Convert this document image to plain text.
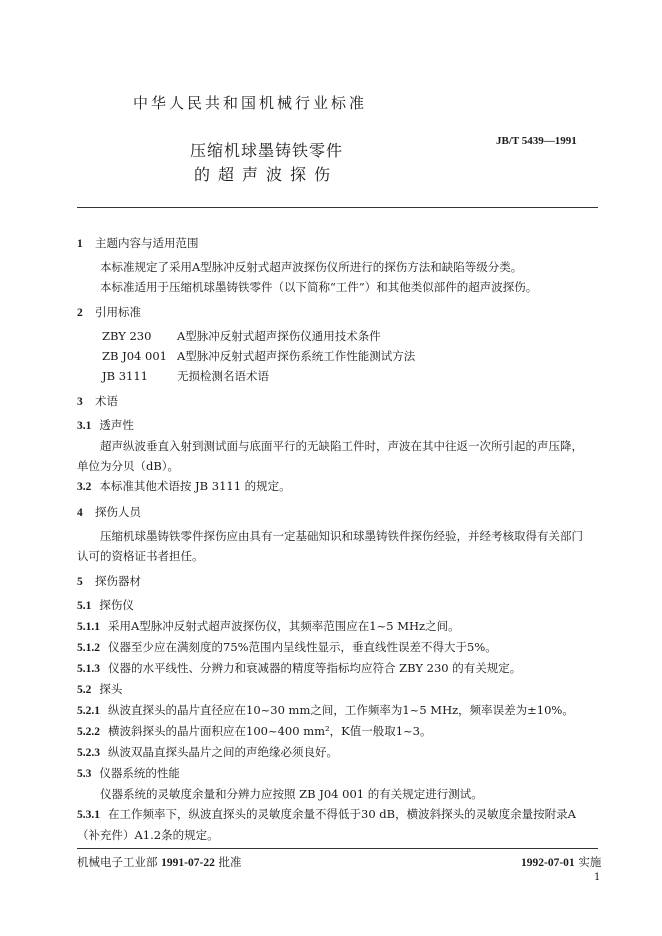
中华人民共和国机械行业标准
JB/T 5439—1991
压缩机球墨铸铁零件
的超声波探伤
1 主题内容与适用范围

本标准规定了采用A型脉冲反射式超声波探伤仪所进行的探伤方法和缺陷等级分类。

本标准适用于压缩机球墨铸铁零件（以下简称“工件”）和其他类似部件的超声波探伤。

2 引用标准
ZBY 230 A型脉冲反射式超声探伤仪通用技术条件
ZB J04 001 A型脉冲反射式超声探伤系统工作性能测试方法
JB 3111	无损检测名语术语
3 术语

3.1 透声性

超声纵波垂直入射到测试面与底面平行的无缺陷工件时，声波在其中往返一次所引起的声压降，

单位为分贝（dB）。

3.2 本标准其他术语按 JB 3111 的规定。

4 探伤人员

压缩机球墨铸铁零件探伤应由具有一定基础知识和球墨铸铁件探伤经验，并经考核取得有关部门

认可的资格证书者担任。

5 探伤器材

5.1 探伤仪

5.1.1 采用A型脉冲反射式超声波探伤仪，其频率范围应在1~5 MHz之间。

5.1.2 仪器至少应在满刻度的75%范围内呈线性显示，垂直线性误差不得大于5%。

5.1.3 仪器的水平线性、分辨力和衰减器的精度等指标均应符合 ZBY 230 的有关规定。

5.2 探头

5.2.1 纵波直探头的晶片直径应在10~30 mm之间，工作频率为1~5 MHz，频率误差为±10%。

5.2.2 横波斜探头的晶片面积应在100~400 mm²，K值一般取1~3。

5.2.3 纵波双晶直探头晶片之间的声绝缘必须良好。

5.3 仪器系统的性能

仪器系统的灵敏度余量和分辨力应按照 ZB J04 001 的有关规定进行测试。

5.3.1 在工作频率下，纵波直探头的灵敏度余量不得低于30 dB，横波斜探头的灵敏度余量按附录A

（补充件）A1.2条的规定。

机械电子工业部 1991-07-22 批准	1992-07-01 实施
1
